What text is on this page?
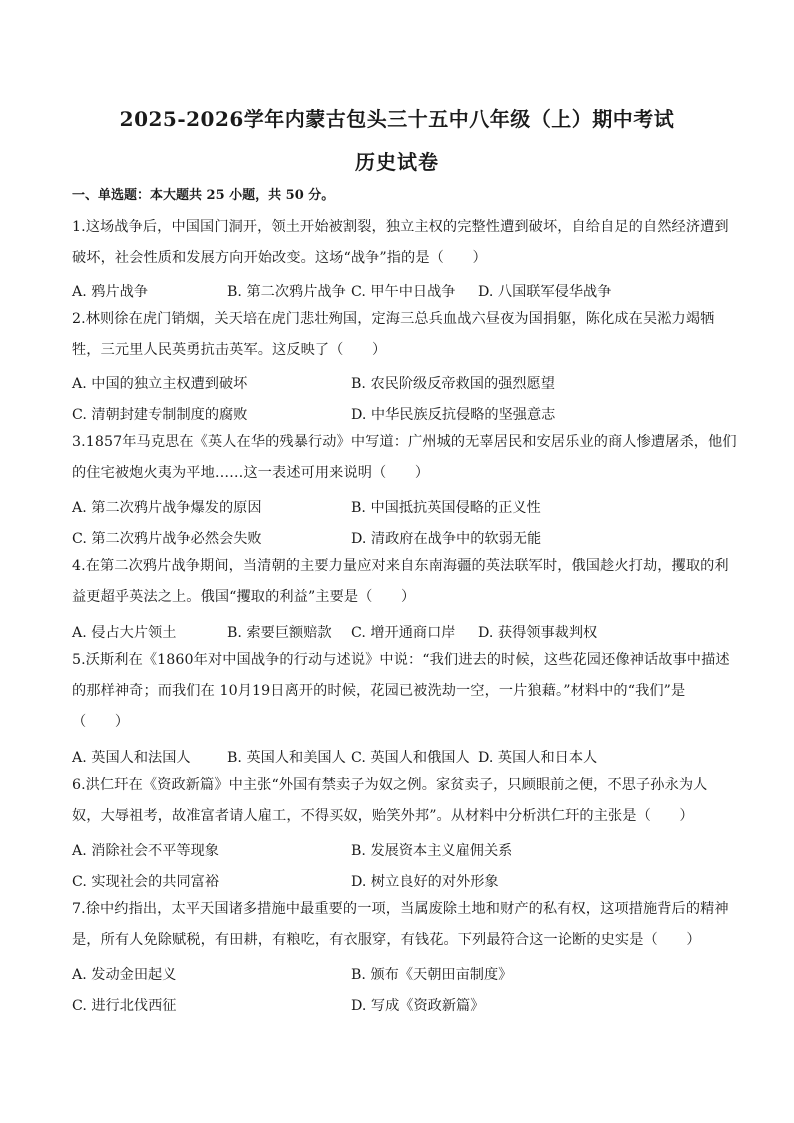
2025-2026学年内蒙古包头三十五中八年级（上）期中考试
历史试卷
一、单选题：本大题共 25 小题，共 50 分。
1.这场战争后，中国国门洞开，领土开始被割裂，独立主权的完整性遭到破坏，自给自足的自然经济遭到
破坏，社会性质和发展方向开始改变。这场“战争”指的是（　　）
A. 鸦片战争	B. 第二次鸦片战争 C. 甲午中日战争 D. 八国联军侵华战争
2.林则徐在虎门销烟，关天培在虎门悲壮殉国，定海三总兵血战六昼夜为国捐躯，陈化成在吴淞力竭牺
牲，三元里人民英勇抗击英军。这反映了（　　）
A. 中国的独立主权遭到破坏	B. 农民阶级反帝救国的强烈愿望
C. 清朝封建专制制度的腐败	D. 中华民族反抗侵略的坚强意志
3.1857年马克思在《英人在华的残暴行动》中写道：广州城的无辜居民和安居乐业的商人惨遭屠杀，他们
的住宅被炮火夷为平地……这一表述可用来说明（　　）
A. 第二次鸦片战争爆发的原因	B. 中国抵抗英国侵略的正义性
C. 第二次鸦片战争必然会失败	D. 清政府在战争中的软弱无能
4.在第二次鸦片战争期间，当清朝的主要力量应对来自东南海疆的英法联军时，俄国趁火打劫，攫取的利
益更超乎英法之上。俄国“攫取的利益”主要是（　　）
A. 侵占大片领土	B. 索要巨额赔款 C. 增开通商口岸 D. 获得领事裁判权
5.沃斯利在《1860年对中国战争的行动与述说》中说：“我们进去的时候，这些花园还像神话故事中描述
的那样神奇；而我们在 10月19日离开的时候，花园已被洗劫一空，一片狼藉。”材料中的“我们”是
（　　）
A. 英国人和法国人	B. 英国人和美国人 C. 英国人和俄国人 D. 英国人和日本人
6.洪仁玕在《资政新篇》中主张“外国有禁卖子为奴之例。家贫卖子，只顾眼前之便，不思子孙永为人
奴，大辱祖考，故准富者请人雇工，不得买奴，贻笑外邦”。从材料中分析洪仁玕的主张是（　　）
A. 消除社会不平等现象	B. 发展资本主义雇佣关系
C. 实现社会的共同富裕	D. 树立良好的对外形象
7.徐中约指出，太平天国诸多措施中最重要的一项，当属废除土地和财产的私有权，这项措施背后的精神
是，所有人免除赋税，有田耕，有粮吃，有衣服穿，有钱花。下列最符合这一论断的史实是（　　）
A. 发动金田起义	B. 颁布《天朝田亩制度》
C. 进行北伐西征	D. 写成《资政新篇》
